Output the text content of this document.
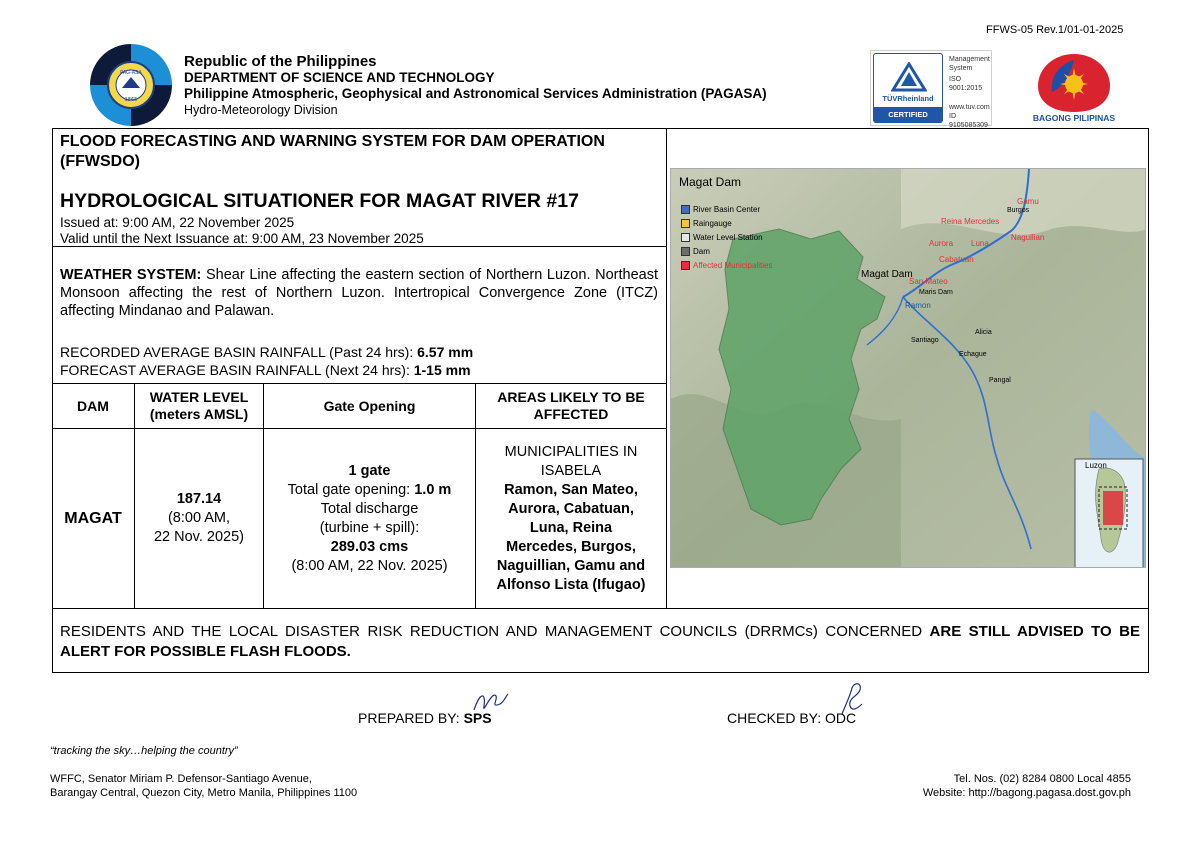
FFWS-05 Rev.1/01-01-2025
PAG-ASA
1865
Republic of the Philippines
DEPARTMENT OF SCIENCE AND TECHNOLOGY
Philippine Atmospheric, Geophysical and Astronomical Services Administration (PAGASA)
Hydro-Meteorology Division
TÜVRheinland
CERTIFIED
Management
System
ISO 9001:2015
www.tuv.com
ID 9105085309
BAGONG PILIPINAS
FLOOD FORECASTING AND WARNING SYSTEM FOR DAM OPERATION (FFWSDO)
HYDROLOGICAL SITUATIONER FOR MAGAT RIVER #17
Issued at: 9:00 AM, 22 November 2025
Valid until the Next Issuance at: 9:00 AM, 23 November 2025
WEATHER SYSTEM: Shear Line affecting the eastern section of Northern Luzon. Northeast Monsoon affecting the rest of Northern Luzon. Intertropical Convergence Zone (ITCZ) affecting Mindanao and Palawan.
RECORDED AVERAGE BASIN RAINFALL (Past 24 hrs): 6.57 mm
FORECAST AVERAGE BASIN RAINFALL (Next 24 hrs): 1-15 mm
DAM
WATER LEVEL
(meters AMSL)
Gate Opening
AREAS LIKELY TO BE
AFFECTED
MAGAT
187.14
(8:00 AM,
22 Nov. 2025)
1 gate
Total gate opening: 1.0 m
Total discharge
(turbine + spill):
289.03 cms
(8:00 AM, 22 Nov. 2025)
MUNICIPALITIES IN
ISABELA
Ramon, San Mateo,
Aurora, Cabatuan,
Luna, Reina
Mercedes, Burgos,
Naguillian, Gamu and
Alfonso Lista (Ifugao)
Magat Dam
River Basin Center
Raingauge
Water Level Station
Dam
Affected Municipalities
Reina Mercedes
Gamu
Burgos
Naguilian
Aurora Luna
Cabatuan
San Mateo
Magat Dam
Maris Dam
Ramon
Santiago
Echague
Alicia
Pangal
Luzon
RESIDENTS AND THE LOCAL DISASTER RISK REDUCTION AND MANAGEMENT COUNCILS (DRRMCs) CONCERNED ARE STILL ADVISED TO BE ALERT FOR POSSIBLE FLASH FLOODS.
PREPARED BY: SPS	CHECKED BY: ODC
“tracking the sky…helping the country”
WFFC, Senator Miriam P. Defensor-Santiago Avenue,
Barangay Central, Quezon City, Metro Manila, Philippines 1100
Tel. Nos. (02) 8284 0800 Local 4855
Website: http://bagong.pagasa.dost.gov.ph
